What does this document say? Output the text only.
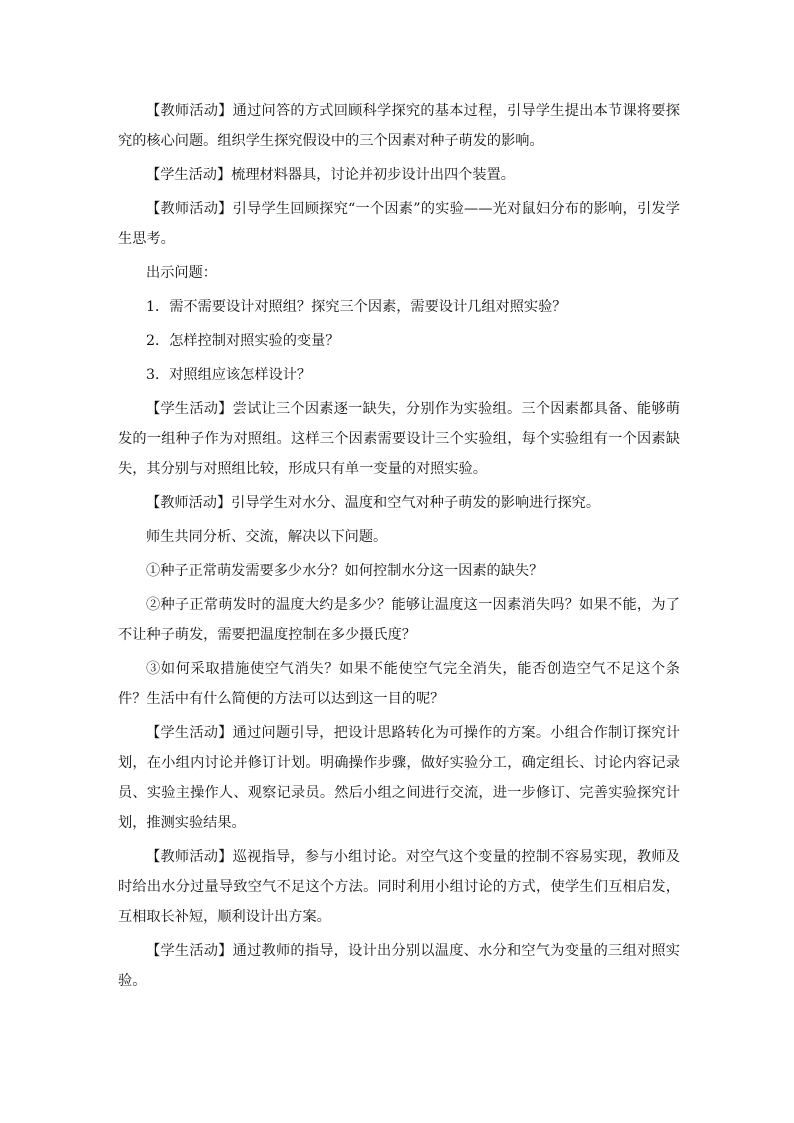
【教师活动】通过问答的方式回顾科学探究的基本过程，引导学生提出本节课将要探究的核心问题。组织学生探究假设中的三个因素对种子萌发的影响。

【学生活动】梳理材料器具，讨论并初步设计出四个装置。

【教师活动】引导学生回顾探究“一个因素”的实验——光对鼠妇分布的影响，引发学生思考。

出示问题：

1．需不需要设计对照组？探究三个因素，需要设计几组对照实验？

2．怎样控制对照实验的变量？

3．对照组应该怎样设计？

【学生活动】尝试让三个因素逐一缺失，分别作为实验组。三个因素都具备、能够萌发的一组种子作为对照组。这样三个因素需要设计三个实验组，每个实验组有一个因素缺失，其分别与对照组比较，形成只有单一变量的对照实验。

【教师活动】引导学生对水分、温度和空气对种子萌发的影响进行探究。

师生共同分析、交流，解决以下问题。

①种子正常萌发需要多少水分？如何控制水分这一因素的缺失？

②种子正常萌发时的温度大约是多少？能够让温度这一因素消失吗？如果不能，为了不让种子萌发，需要把温度控制在多少摄氏度？

③如何采取措施使空气消失？如果不能使空气完全消失，能否创造空气不足这个条件？生活中有什么简便的方法可以达到这一目的呢？

【学生活动】通过问题引导，把设计思路转化为可操作的方案。小组合作制订探究计划，在小组内讨论并修订计划。明确操作步骤，做好实验分工，确定组长、讨论内容记录员、实验主操作人、观察记录员。然后小组之间进行交流，进一步修订、完善实验探究计划，推测实验结果。

【教师活动】巡视指导，参与小组讨论。对空气这个变量的控制不容易实现，教师及时给出水分过量导致空气不足这个方法。同时利用小组讨论的方式，使学生们互相启发，互相取长补短，顺利设计出方案。

【学生活动】通过教师的指导，设计出分别以温度、水分和空气为变量的三组对照实验。
